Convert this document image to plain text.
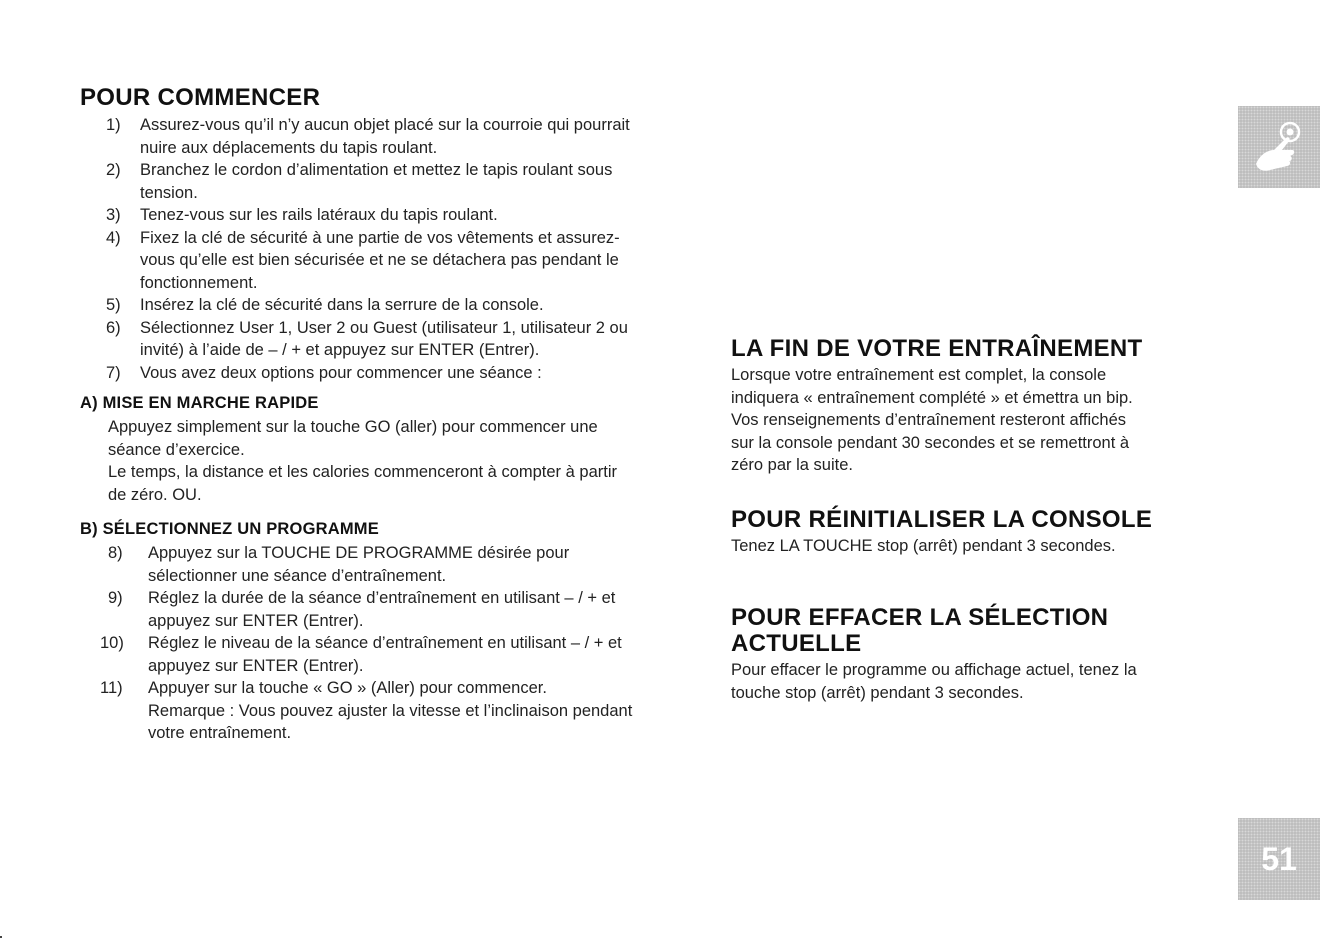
POUR COMMENCER
1) Assurez-vous qu’il n’y aucun objet placé sur la courroie qui pourrait
nuire aux déplacements du tapis roulant.
2) Branchez le cordon d’alimentation et mettez le tapis roulant sous
tension.
3) Tenez-vous sur les rails latéraux du tapis roulant.
4) Fixez la clé de sécurité à une partie de vos vêtements et assurez-
vous qu’elle est bien sécurisée et ne se détachera pas pendant le
fonctionnement.
5) Insérez la clé de sécurité dans la serrure de la console.
6) Sélectionnez User 1, User 2 ou Guest (utilisateur 1, utilisateur 2 ou
invité) à l’aide de – / + et appuyez sur ENTER (Entrer).
7) Vous avez deux options pour commencer une séance :
A) MISE EN MARCHE RAPIDE
Appuyez simplement sur la touche GO (aller) pour commencer une
séance d’exercice.
Le temps, la distance et les calories commenceront à compter à partir
de zéro. OU.
B) SÉLECTIONNEZ UN PROGRAMME
8) Appuyez sur la TOUCHE DE PROGRAMME désirée pour
sélectionner une séance d’entraînement.
9) Réglez la durée de la séance d’entraînement en utilisant – / + et
appuyez sur ENTER (Entrer).
10) Réglez le niveau de la séance d’entraînement en utilisant – / + et
appuyez sur ENTER (Entrer).
11) Appuyer sur la touche « GO » (Aller) pour commencer.
Remarque : Vous pouvez ajuster la vitesse et l’inclinaison pendant
votre entraînement.
LA FIN DE VOTRE ENTRAÎNEMENT

Lorsque votre entraînement est complet, la console
indiquera « entraînement complété » et émettra un bip.
Vos renseignements d’entraînement resteront affichés
sur la console pendant 30 secondes et se remettront à
zéro par la suite.

POUR RÉINITIALISER LA CONSOLE

Tenez LA TOUCHE stop (arrêt) pendant 3 secondes.

POUR EFFACER LA SÉLECTION
ACTUELLE

Pour effacer le programme ou affichage actuel, tenez la
touche stop (arrêt) pendant 3 secondes.

51
